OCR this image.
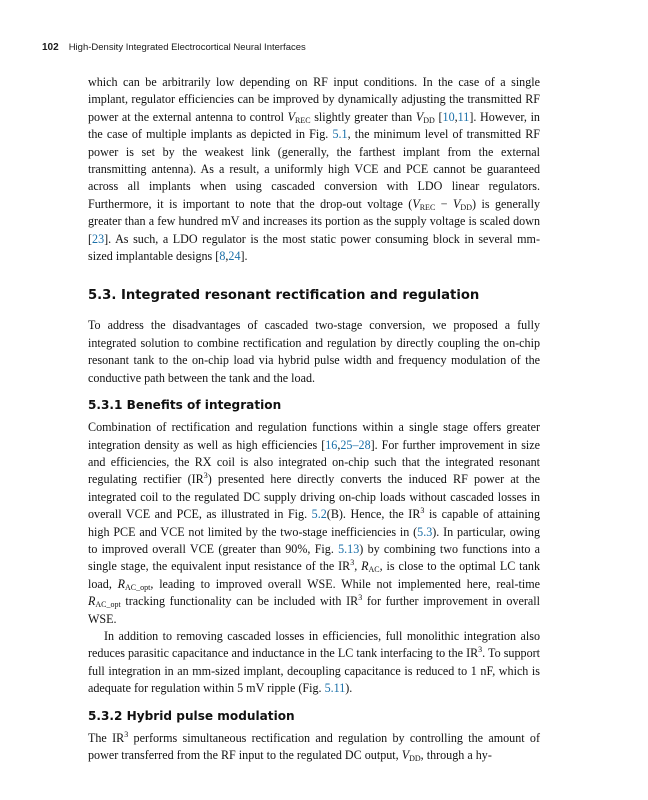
102 High-Density Integrated Electrocortical Neural Interfaces

which can be arbitrarily low depending on RF input conditions. In the case of a single implant, regulator efficiencies can be improved by dynamically adjusting the transmitted RF power at the external antenna to control $V_{REC}$ slightly greater than $V_{DD}$ [10,11]. However, in the case of multiple implants as depicted in Fig. 5.1, the minimum level of transmitted RF power is set by the weakest link (generally, the farthest implant from the external transmitting antenna). As a result, a uniformly high VCE and PCE cannot be guaranteed across all implants when using cascaded conversion with LDO linear regulators. Furthermore, it is important to note that the drop-out voltage $(V_{REC} - V_{DD})$ is generally greater than a few hundred mV and increases its portion as the supply voltage is scaled down [23]. As such, a LDO regulator is the most static power consuming block in several mm-sized implantable designs [8,24].

5.3. Integrated resonant rectification and regulation

To address the disadvantages of cascaded two-stage conversion, we proposed a fully integrated solution to combine rectification and regulation by directly coupling the on-chip resonant tank to the on-chip load via hybrid pulse width and frequency modulation of the conductive path between the tank and the load.

5.3.1 Benefits of integration

Combination of rectification and regulation functions within a single stage offers greater integration density as well as high efficiencies [16,25–28]. For further improvement in size and efficiencies, the RX coil is also integrated on-chip such that the integrated resonant regulating rectifier $(IR^3)$ presented here directly converts the induced RF power at the integrated coil to the regulated DC supply driving on-chip loads without cascaded losses in overall VCE and PCE, as illustrated in Fig. 5.2(B). Hence, the $IR^3$ is capable of attaining high PCE and VCE not limited by the two-stage inefficiencies in (5.3). In particular, owing to improved overall VCE (greater than 90%, Fig. 5.13) by combining two functions into a single stage, the equivalent input resistance of the $IR^3$, $R_{AC}$, is close to the optimal LC tank load, $R_{AC\_opt}$, leading to improved overall WSE. While not implemented here, real-time $R_{AC\_opt}$ tracking functionality can be included with $IR^3$ for further improvement in overall WSE.

In addition to removing cascaded losses in efficiencies, full monolithic integration also reduces parasitic capacitance and inductance in the LC tank interfacing to the $IR^3$. To support full integration in an mm-sized implant, decoupling capacitance is reduced to 1 nF, which is adequate for regulation within 5 mV ripple (Fig. 5.11).

5.3.2 Hybrid pulse modulation

The $IR^3$ performs simultaneous rectification and regulation by controlling the amount of power transferred from the RF input to the regulated DC output, $V_{DD}$, through a hy-
